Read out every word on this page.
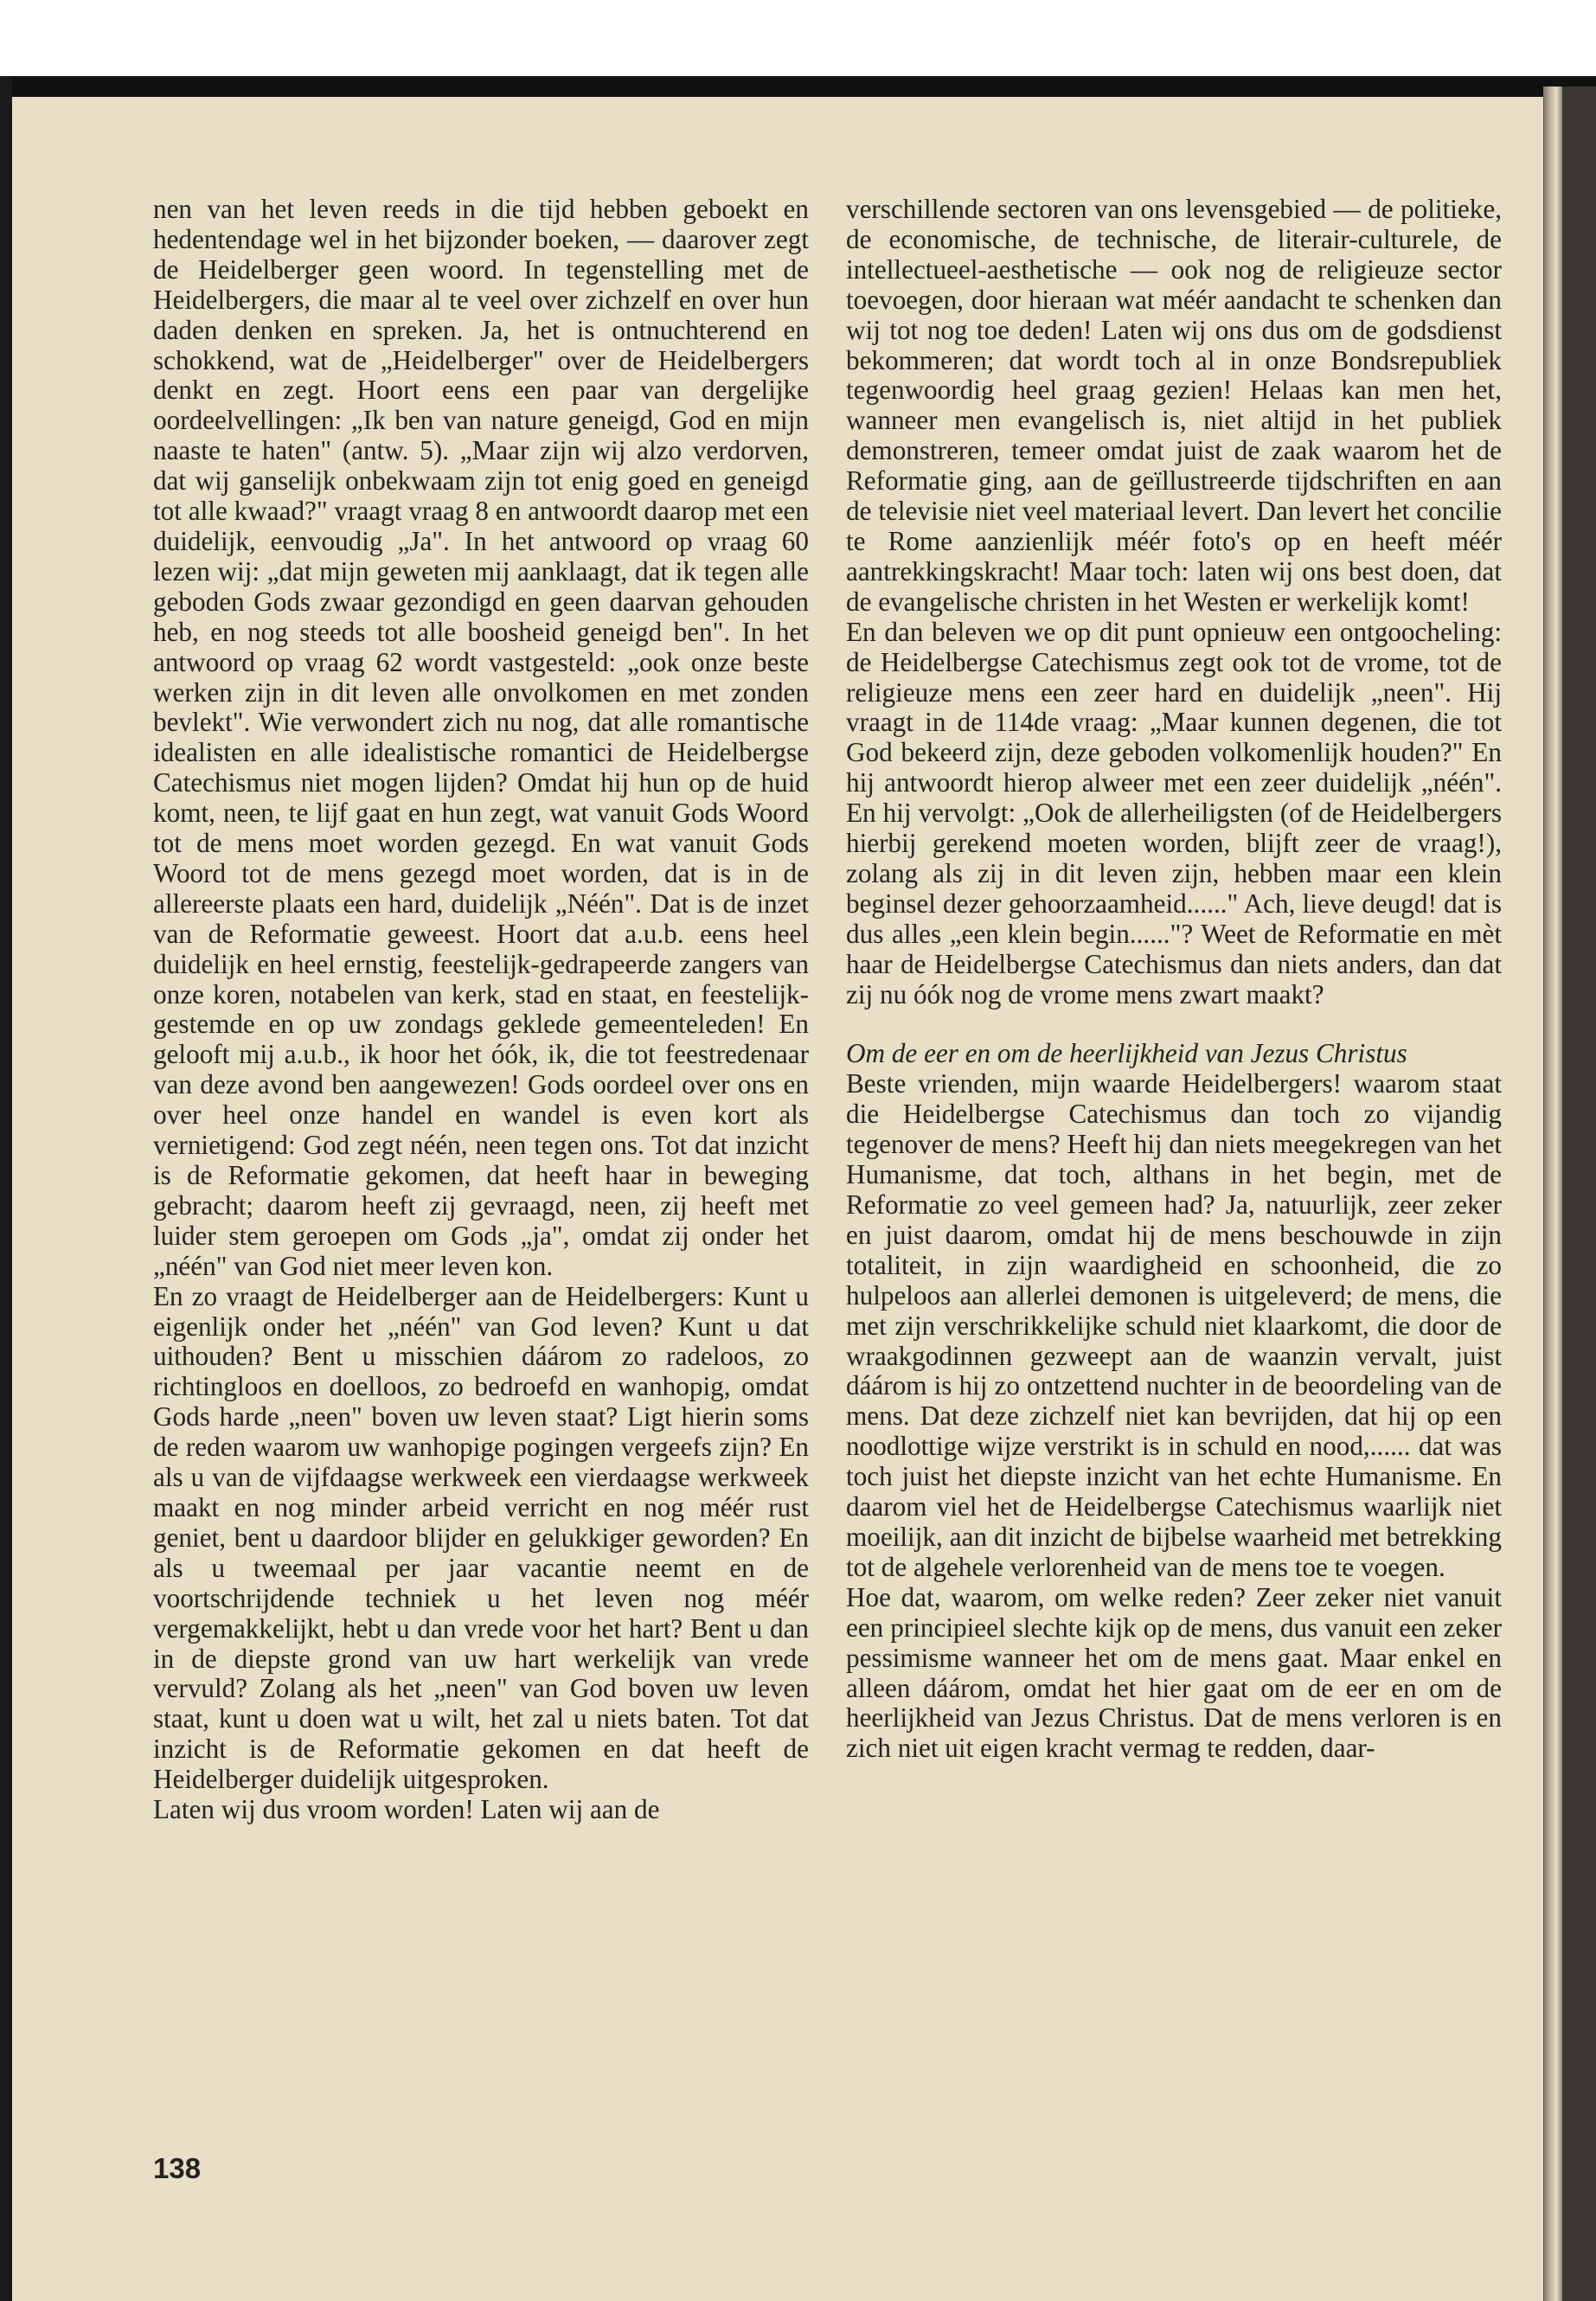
nen van het leven reeds in die tijd hebben geboekt en hedentendage wel in het bijzonder boeken, — daarover zegt de Heidelberger geen woord. In tegenstelling met de Heidelbergers, die maar al te veel over zichzelf en over hun daden denken en spreken. Ja, het is ontnuchterend en schokkend, wat de „Heidelberger" over de Heidelbergers denkt en zegt. Hoort eens een paar van dergelijke oordeelvellingen: „Ik ben van nature geneigd, God en mijn naaste te haten" (antw. 5). „Maar zijn wij alzo verdorven, dat wij ganselijk onbekwaam zijn tot enig goed en geneigd tot alle kwaad?" vraagt vraag 8 en antwoordt daarop met een duidelijk, eenvoudig „Ja". In het antwoord op vraag 60 lezen wij: „dat mijn geweten mij aanklaagt, dat ik tegen alle geboden Gods zwaar gezondigd en geen daarvan gehouden heb, en nog steeds tot alle boosheid geneigd ben". In het antwoord op vraag 62 wordt vastgesteld: „ook onze beste werken zijn in dit leven alle onvolkomen en met zonden bevlekt". Wie verwondert zich nu nog, dat alle romantische idealisten en alle idealistische romantici de Heidelbergse Catechismus niet mogen lijden? Omdat hij hun op de huid komt, neen, te lijf gaat en hun zegt, wat vanuit Gods Woord tot de mens moet worden gezegd. En wat vanuit Gods Woord tot de mens gezegd moet worden, dat is in de allereerste plaats een hard, duidelijk „Néén". Dat is de inzet van de Reformatie geweest. Hoort dat a.u.b. eens heel duidelijk en heel ernstig, feestelijk-gedrapeerde zangers van onze koren, notabelen van kerk, stad en staat, en feestelijk-gestemde en op uw zondags geklede gemeenteleden! En gelooft mij a.u.b., ik hoor het óók, ik, die tot feestredenaar van deze avond ben aangewezen! Gods oordeel over ons en over heel onze handel en wandel is even kort als vernietigend: God zegt néén, neen tegen ons. Tot dat inzicht is de Reformatie gekomen, dat heeft haar in beweging gebracht; daarom heeft zij gevraagd, neen, zij heeft met luider stem geroepen om Gods „ja", omdat zij onder het „néén" van God niet meer leven kon.

En zo vraagt de Heidelberger aan de Heidelbergers: Kunt u eigenlijk onder het „néén" van God leven? Kunt u dat uithouden? Bent u misschien dáárom zo radeloos, zo richtingloos en doelloos, zo bedroefd en wanhopig, omdat Gods harde „neen" boven uw leven staat? Ligt hierin soms de reden waarom uw wanhopige pogingen vergeefs zijn? En als u van de vijfdaagse werkweek een vierdaagse werkweek maakt en nog minder arbeid verricht en nog méér rust geniet, bent u daardoor blijder en gelukkiger geworden? En als u tweemaal per jaar vacantie neemt en de voortschrijdende techniek u het leven nog méér vergemakkelijkt, hebt u dan vrede voor het hart? Bent u dan in de diepste grond van uw hart werkelijk van vrede vervuld? Zolang als het „neen" van God boven uw leven staat, kunt u doen wat u wilt, het zal u niets baten. Tot dat inzicht is de Reformatie gekomen en dat heeft de Heidelberger duidelijk uitgesproken.

Laten wij dus vroom worden! Laten wij aan de

verschillende sectoren van ons levensgebied — de politieke, de economische, de technische, de literair-culturele, de intellectueel-aesthetische — ook nog de religieuze sector toevoegen, door hieraan wat méér aandacht te schenken dan wij tot nog toe deden! Laten wij ons dus om de godsdienst bekommeren; dat wordt toch al in onze Bondsrepubliek tegenwoordig heel graag gezien! Helaas kan men het, wanneer men evangelisch is, niet altijd in het publiek demonstreren, temeer omdat juist de zaak waarom het de Reformatie ging, aan de geïllustreerde tijdschriften en aan de televisie niet veel materiaal levert. Dan levert het concilie te Rome aanzienlijk méér foto's op en heeft méér aantrekkingskracht! Maar toch: laten wij ons best doen, dat de evangelische christen in het Westen er werkelijk komt!

En dan beleven we op dit punt opnieuw een ontgoocheling: de Heidelbergse Catechismus zegt ook tot de vrome, tot de religieuze mens een zeer hard en duidelijk „neen". Hij vraagt in de 114de vraag: „Maar kunnen degenen, die tot God bekeerd zijn, deze geboden volkomenlijk houden?" En hij antwoordt hierop alweer met een zeer duidelijk „néén". En hij vervolgt: „Ook de allerheiligsten (of de Heidelbergers hierbij gerekend moeten worden, blijft zeer de vraag!), zolang als zij in dit leven zijn, hebben maar een klein beginsel dezer gehoorzaamheid......" Ach, lieve deugd! dat is dus alles „een klein begin......"? Weet de Reformatie en mèt haar de Heidelbergse Catechismus dan niets anders, dan dat zij nu óók nog de vrome mens zwart maakt?

Om de eer en om de heerlijkheid van Jezus Christus

Beste vrienden, mijn waarde Heidelbergers! waarom staat die Heidelbergse Catechismus dan toch zo vijandig tegenover de mens? Heeft hij dan niets meegekregen van het Humanisme, dat toch, althans in het begin, met de Reformatie zo veel gemeen had? Ja, natuurlijk, zeer zeker en juist daarom, omdat hij de mens beschouwde in zijn totaliteit, in zijn waardigheid en schoonheid, die zo hulpeloos aan allerlei demonen is uitgeleverd; de mens, die met zijn verschrikkelijke schuld niet klaarkomt, die door de wraakgodinnen gezweept aan de waanzin vervalt, juist dáárom is hij zo ontzettend nuchter in de beoordeling van de mens. Dat deze zichzelf niet kan bevrijden, dat hij op een noodlottige wijze verstrikt is in schuld en nood,...... dat was toch juist het diepste inzicht van het echte Humanisme. En daarom viel het de Heidelbergse Catechismus waarlijk niet moeilijk, aan dit inzicht de bijbelse waarheid met betrekking tot de algehele verlorenheid van de mens toe te voegen.

Hoe dat, waarom, om welke reden? Zeer zeker niet vanuit een principieel slechte kijk op de mens, dus vanuit een zeker pessimisme wanneer het om de mens gaat. Maar enkel en alleen dáárom, omdat het hier gaat om de eer en om de heerlijkheid van Jezus Christus. Dat de mens verloren is en zich niet uit eigen kracht vermag te redden, daar-

138
